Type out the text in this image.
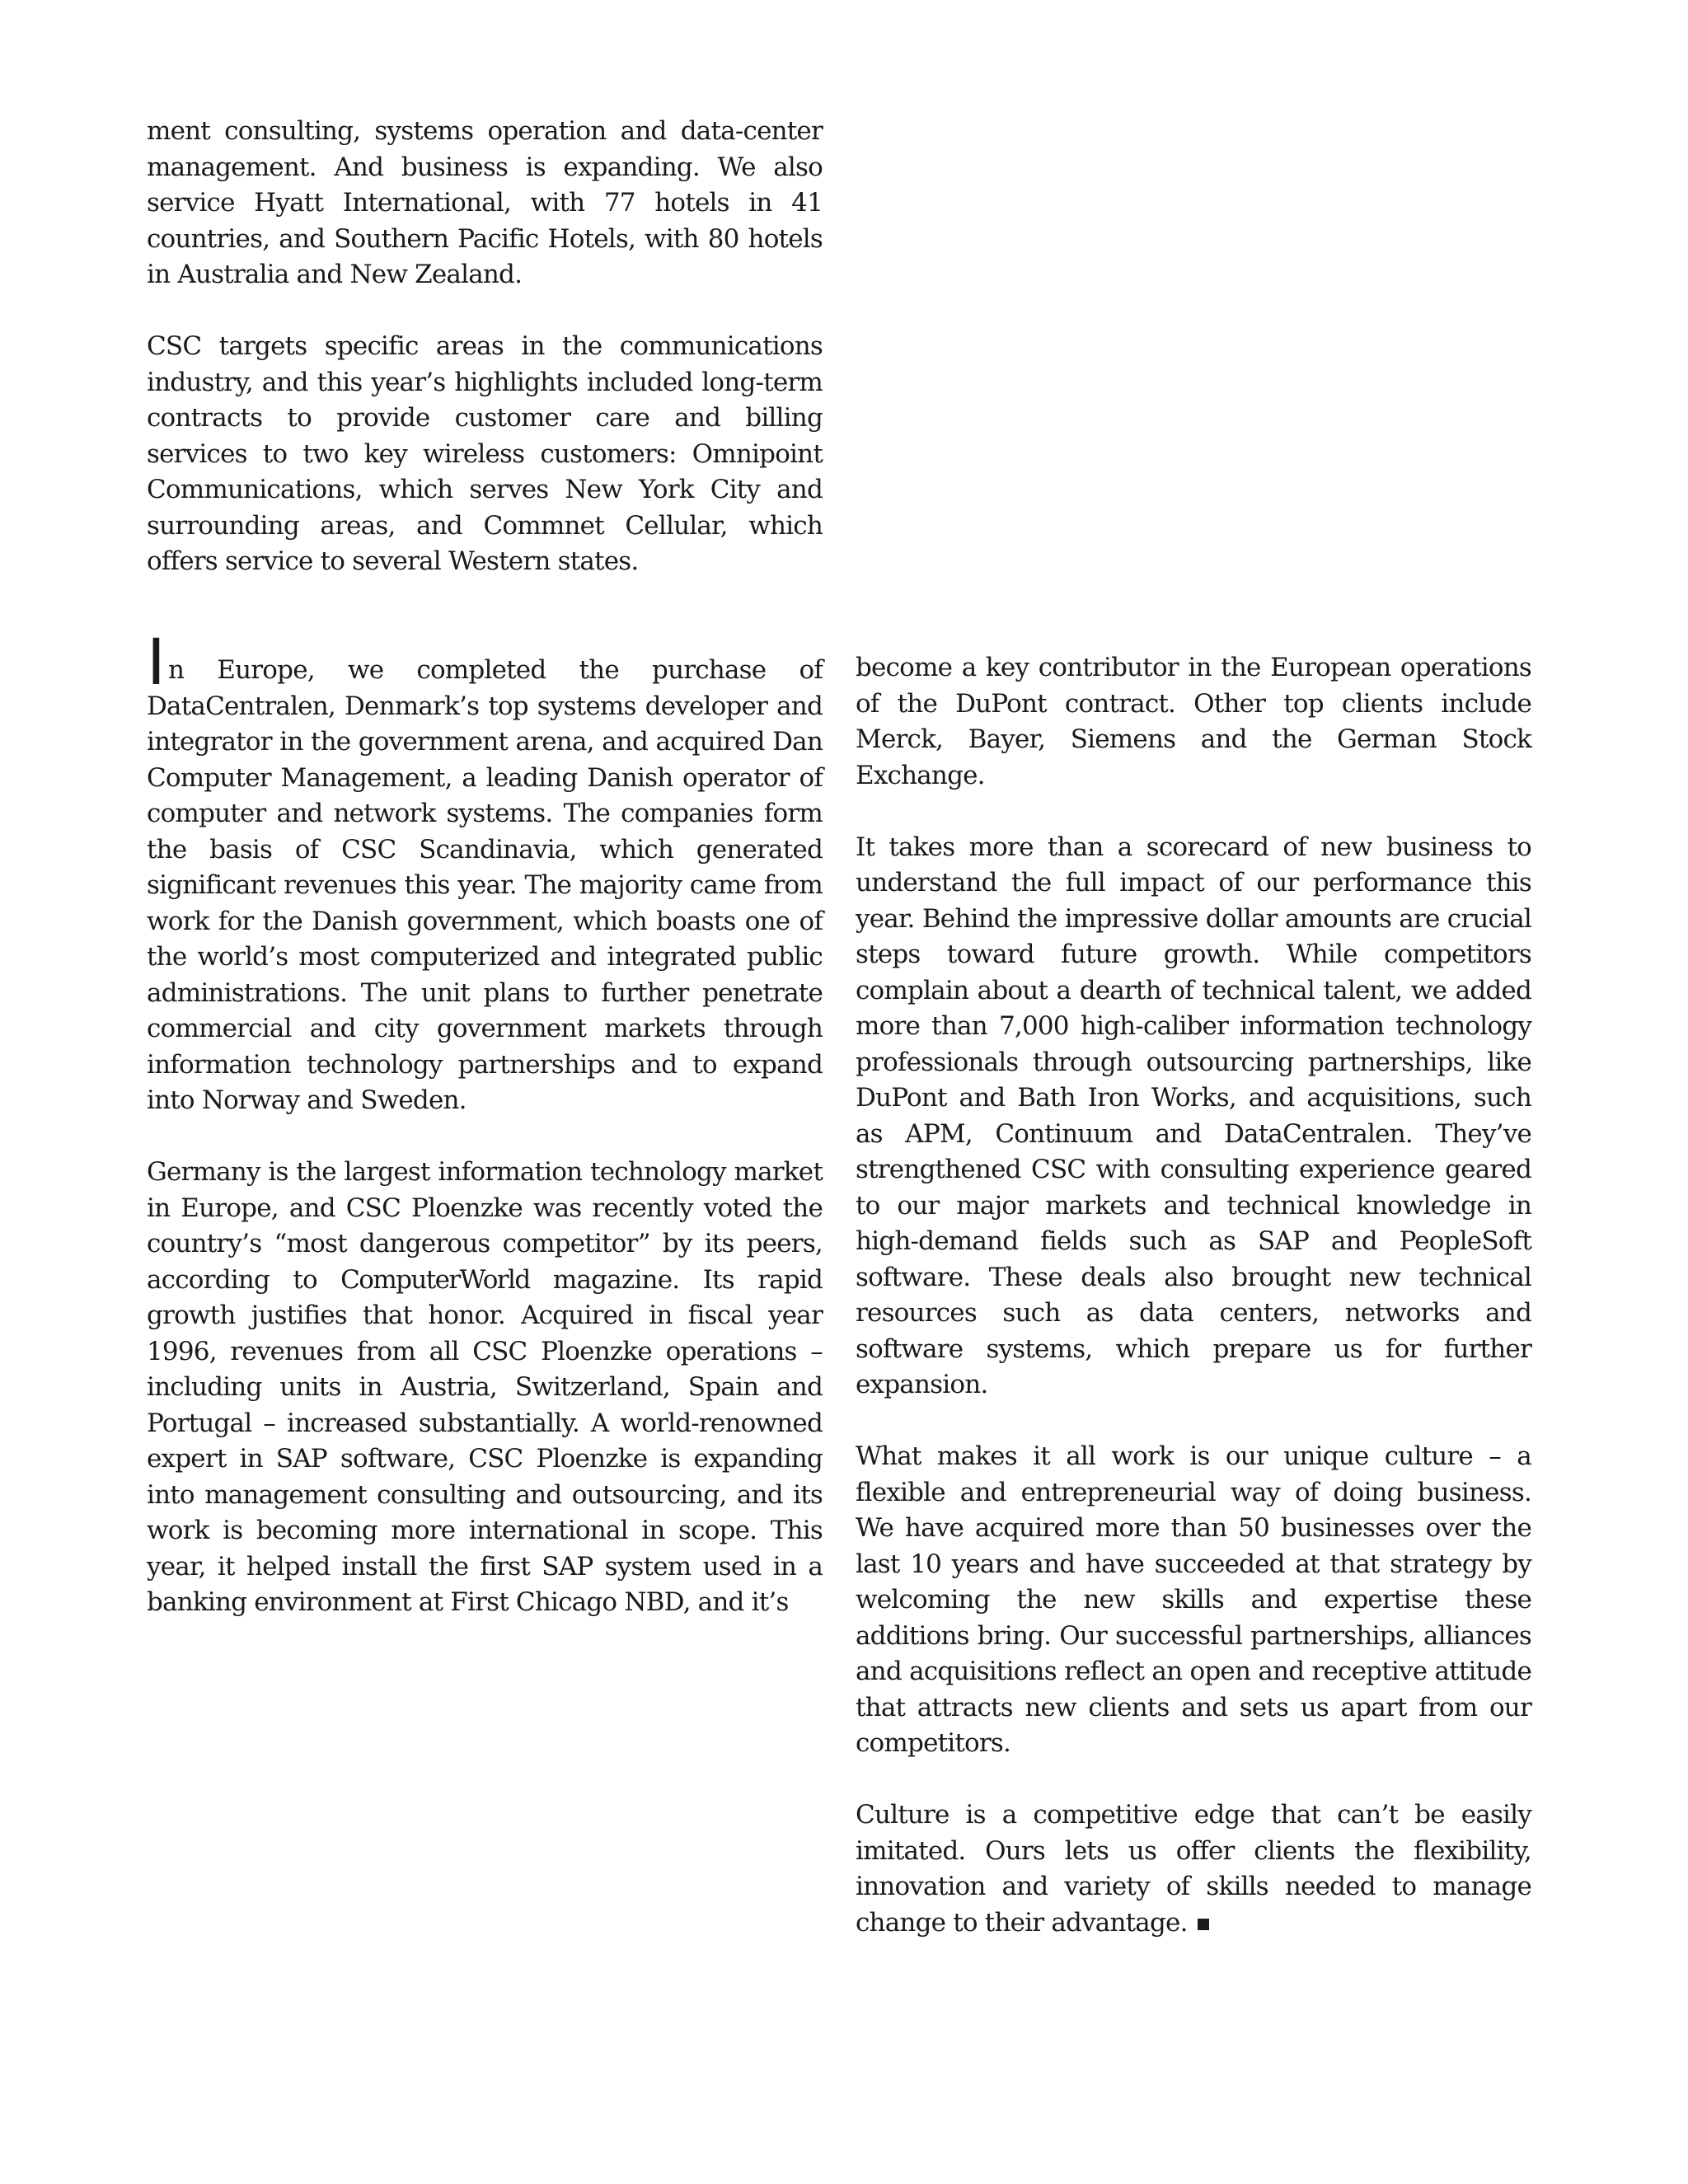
ment consulting, systems operation and data-center management. And business is expanding. We also service Hyatt International, with 77 hotels in 41 countries, and Southern Pacific Hotels, with 80 hotels in Australia and New Zealand.

CSC targets specific areas in the communications industry, and this year’s highlights included long-term contracts to provide customer care and billing services to two key wireless customers: Omnipoint Communications, which serves New York City and surrounding areas, and Commnet Cellular, which offers service to several Western states.

In Europe, we completed the purchase of DataCentralen, Denmark’s top systems developer and integrator in the government arena, and acquired Dan Computer Management, a leading Danish operator of computer and network systems. The companies form the basis of CSC Scandinavia, which generated significant revenues this year. The majority came from work for the Danish government, which boasts one of the world’s most computerized and integrated public administrations. The unit plans to further penetrate commercial and city government markets through information technology partnerships and to expand into Norway and Sweden.

Germany is the largest information technology market in Europe, and CSC Ploenzke was recently voted the country’s “most dangerous competitor” by its peers, according to ComputerWorld magazine. Its rapid growth justifies that honor. Acquired in fiscal year 1996, revenues from all CSC Ploenzke operations – including units in Austria, Switzerland, Spain and Portugal – increased substantially. A world-renowned expert in SAP software, CSC Ploenzke is expanding into management consulting and outsourcing, and its work is becoming more international in scope. This year, it helped install the first SAP system used in a banking environment at First Chicago NBD, and it’s

become a key contributor in the European operations of the DuPont contract. Other top clients include Merck, Bayer, Siemens and the German Stock Exchange.

It takes more than a scorecard of new business to understand the full impact of our performance this year. Behind the impressive dollar amounts are crucial steps toward future growth. While competitors complain about a dearth of technical talent, we added more than 7,000 high-caliber information technology professionals through outsourcing partnerships, like DuPont and Bath Iron Works, and acquisitions, such as APM, Continuum and DataCentralen. They’ve strengthened CSC with consulting experience geared to our major markets and technical knowledge in high-demand fields such as SAP and PeopleSoft software. These deals also brought new technical resources such as data centers, networks and software systems, which prepare us for further expansion.

What makes it all work is our unique culture – a flexible and entrepreneurial way of doing business. We have acquired more than 50 businesses over the last 10 years and have succeeded at that strategy by welcoming the new skills and expertise these additions bring. Our successful partnerships, alliances and acquisitions reflect an open and receptive attitude that attracts new clients and sets us apart from our competitors.

Culture is a competitive edge that can’t be easily imitated. Ours lets us offer clients the flexibility, innovation and variety of skills needed to manage change to their advantage.
